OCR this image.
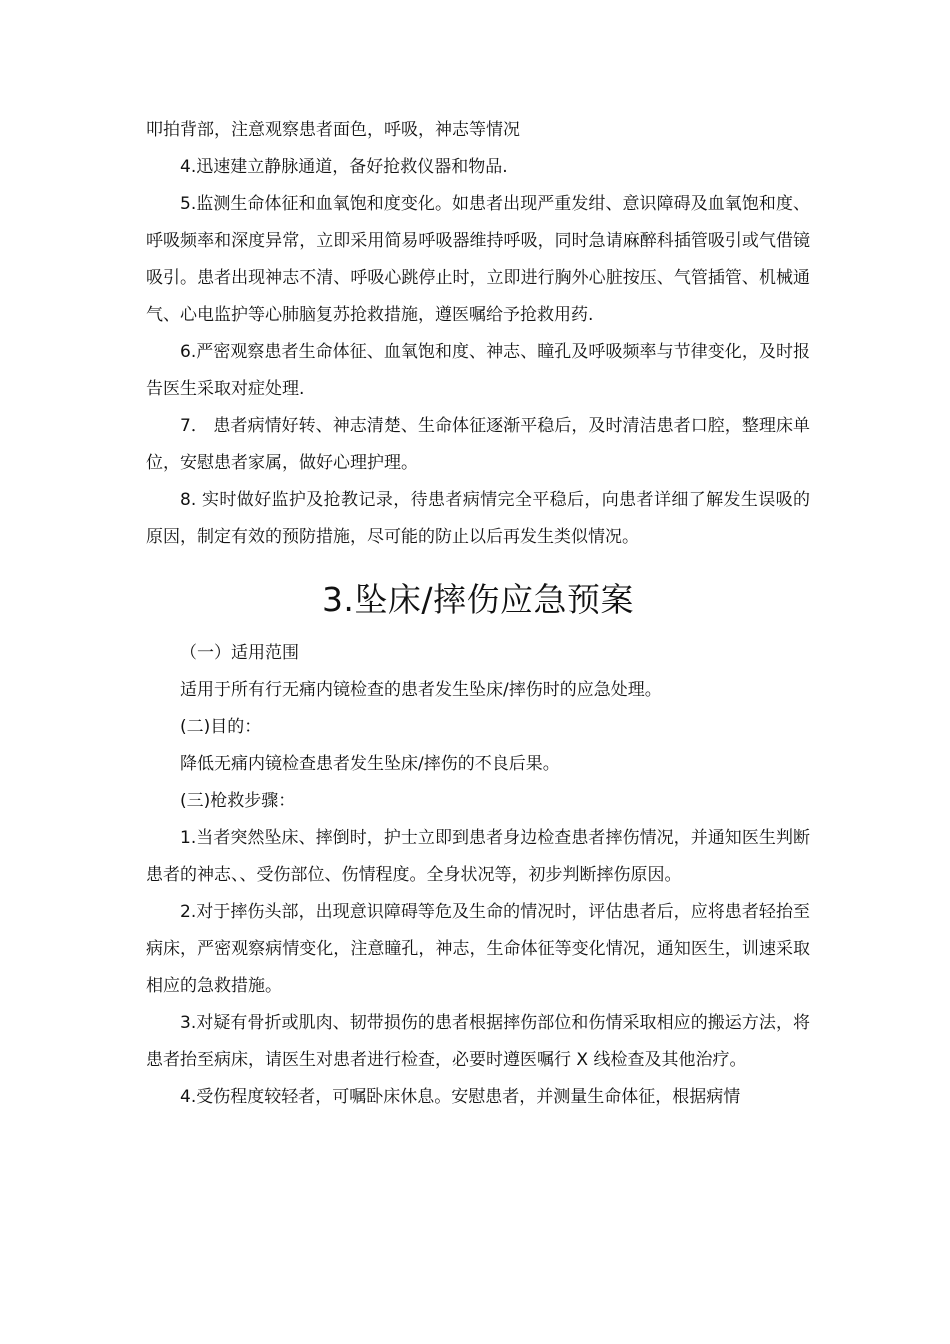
叩拍背部，注意观察患者面色，呼吸，神志等情况

4.迅速建立静脉通道，备好抢救仪器和物品.

5.监测生命体征和血氧饱和度变化。如患者出现严重发绀、意识障碍及血氧饱和度、呼吸频率和深度异常，立即采用简易呼吸器维持呼吸，同时急请麻醉科插管吸引或气借镜吸引。患者出现神志不清、呼吸心跳停止时，立即进行胸外心脏按压、气管插管、机械通气、心电监护等心肺脑复苏抢救措施，遵医嘱给予抢救用药.

6.严密观察患者生命体征、血氧饱和度、神志、瞳孔及呼吸频率与节律变化，及时报告医生采取对症处理.

7． 患者病情好转、神志清楚、生命体征逐渐平稳后，及时清洁患者口腔，整理床单位，安慰患者家属，做好心理护理。

8. 实时做好监护及抢教记录，待患者病情完全平稳后，向患者详细了解发生误吸的原因，制定有效的预防措施，尽可能的防止以后再发生类似情况。

3.坠床/摔伤应急预案

（一）适用范围

适用于所有行无痛内镜检查的患者发生坠床/摔伤时的应急处理。

(二)目的：

降低无痛内镜检查患者发生坠床/摔伤的不良后果。

(三)枪救步骤：

1.当者突然坠床、摔倒时，护士立即到患者身边检查患者摔伤情况，并通知医生判断患者的神志、、受伤部位、伤情程度。全身状况等，初步判断摔伤原因。

2.对于摔伤头部，出现意识障碍等危及生命的情况时，评估患者后，应将患者轻抬至病床，严密观察病情变化，注意瞳孔，神志，生命体征等变化情况，通知医生，训速采取相应的急救措施。

3.对疑有骨折或肌肉、韧带损伤的患者根据摔伤部位和伤情采取相应的搬运方法，将患者抬至病床，请医生对患者进行检查，必要时遵医嘱行 X 线检查及其他治疗。

4.受伤程度较轻者，可嘱卧床休息。安慰患者，并测量生命体征，根据病情
